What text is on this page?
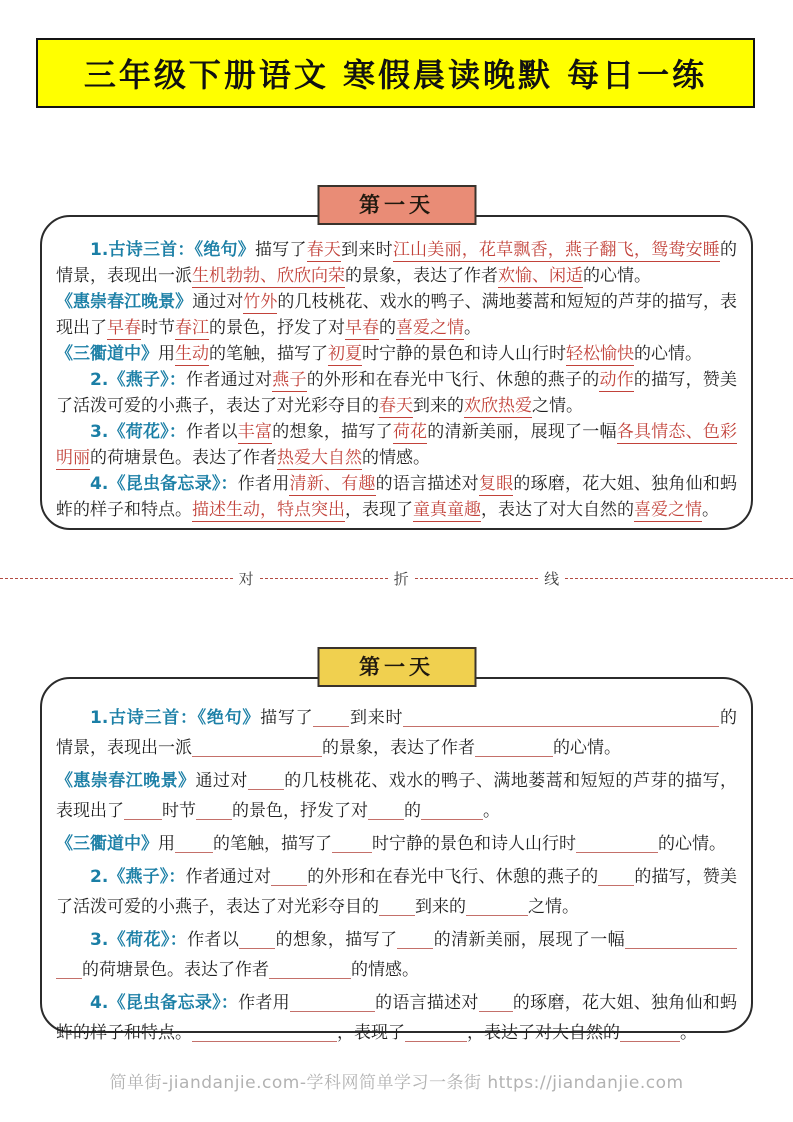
三年级下册语文 寒假晨读晚默 每日一练
第一天
1.古诗三首：《绝句》描写了春天到来时江山美丽，花草飘香，燕子翻飞，鸳鸯安睡的情景，表现出一派生机勃勃、欣欣向荣的景象，表达了作者欢愉、闲适的心情。
《惠崇春江晚景》通过对竹外的几枝桃花、戏水的鸭子、满地蒌蒿和短短的芦芽的描写，表现出了早春时节春江的景色，抒发了对早春的喜爱之情。
《三衢道中》用生动的笔触，描写了初夏时宁静的景色和诗人山行时轻松愉快的心情。
2.《燕子》：作者通过对燕子的外形和在春光中飞行、休憩的燕子的动作的描写，赞美了活泼可爱的小燕子，表达了对光彩夺目的春天到来的欢欣热爱之情。
3.《荷花》：作者以丰富的想象，描写了荷花的清新美丽，展现了一幅各具情态、色彩明丽的荷塘景色。表达了作者热爱大自然的情感。
4.《昆虫备忘录》：作者用清新、有趣的语言描述对复眼的琢磨，花大姐、独角仙和蚂蚱的样子和特点。描述生动，特点突出，表现了童真童趣，表达了对大自然的喜爱之情。
对	折	线
第一天
1.古诗三首：《绝句》描写了 到来时	的情景，表现出一派	的景象，表达了作者	的心情。
《惠崇春江晚景》通过对 的几枝桃花、戏水的鸭子、满地蒌蒿和短短的芦芽的描写，表现出了 时节 的景色，抒发了对 的	。
《三衢道中》用 的笔触，描写了 时宁静的景色和诗人山行时	的心情。
2.《燕子》：作者通过对 的外形和在春光中飞行、休憩的燕子的 的描写，赞美了活泼可爱的小燕子，表达了对光彩夺目的 到来的	之情。
3.《荷花》：作者以 的想象，描写了 的清新美丽，展现了一幅的荷塘景色。表达了作者	的情感。
4.《昆虫备忘录》：作者用	的语言描述对 的琢磨，花大姐、独角仙和蚂蚱的样子和特点。	，表现了	，表达了对大自然的	。
简单街-jiandanjie.com-学科网简单学习一条街 https://jiandanjie.com
